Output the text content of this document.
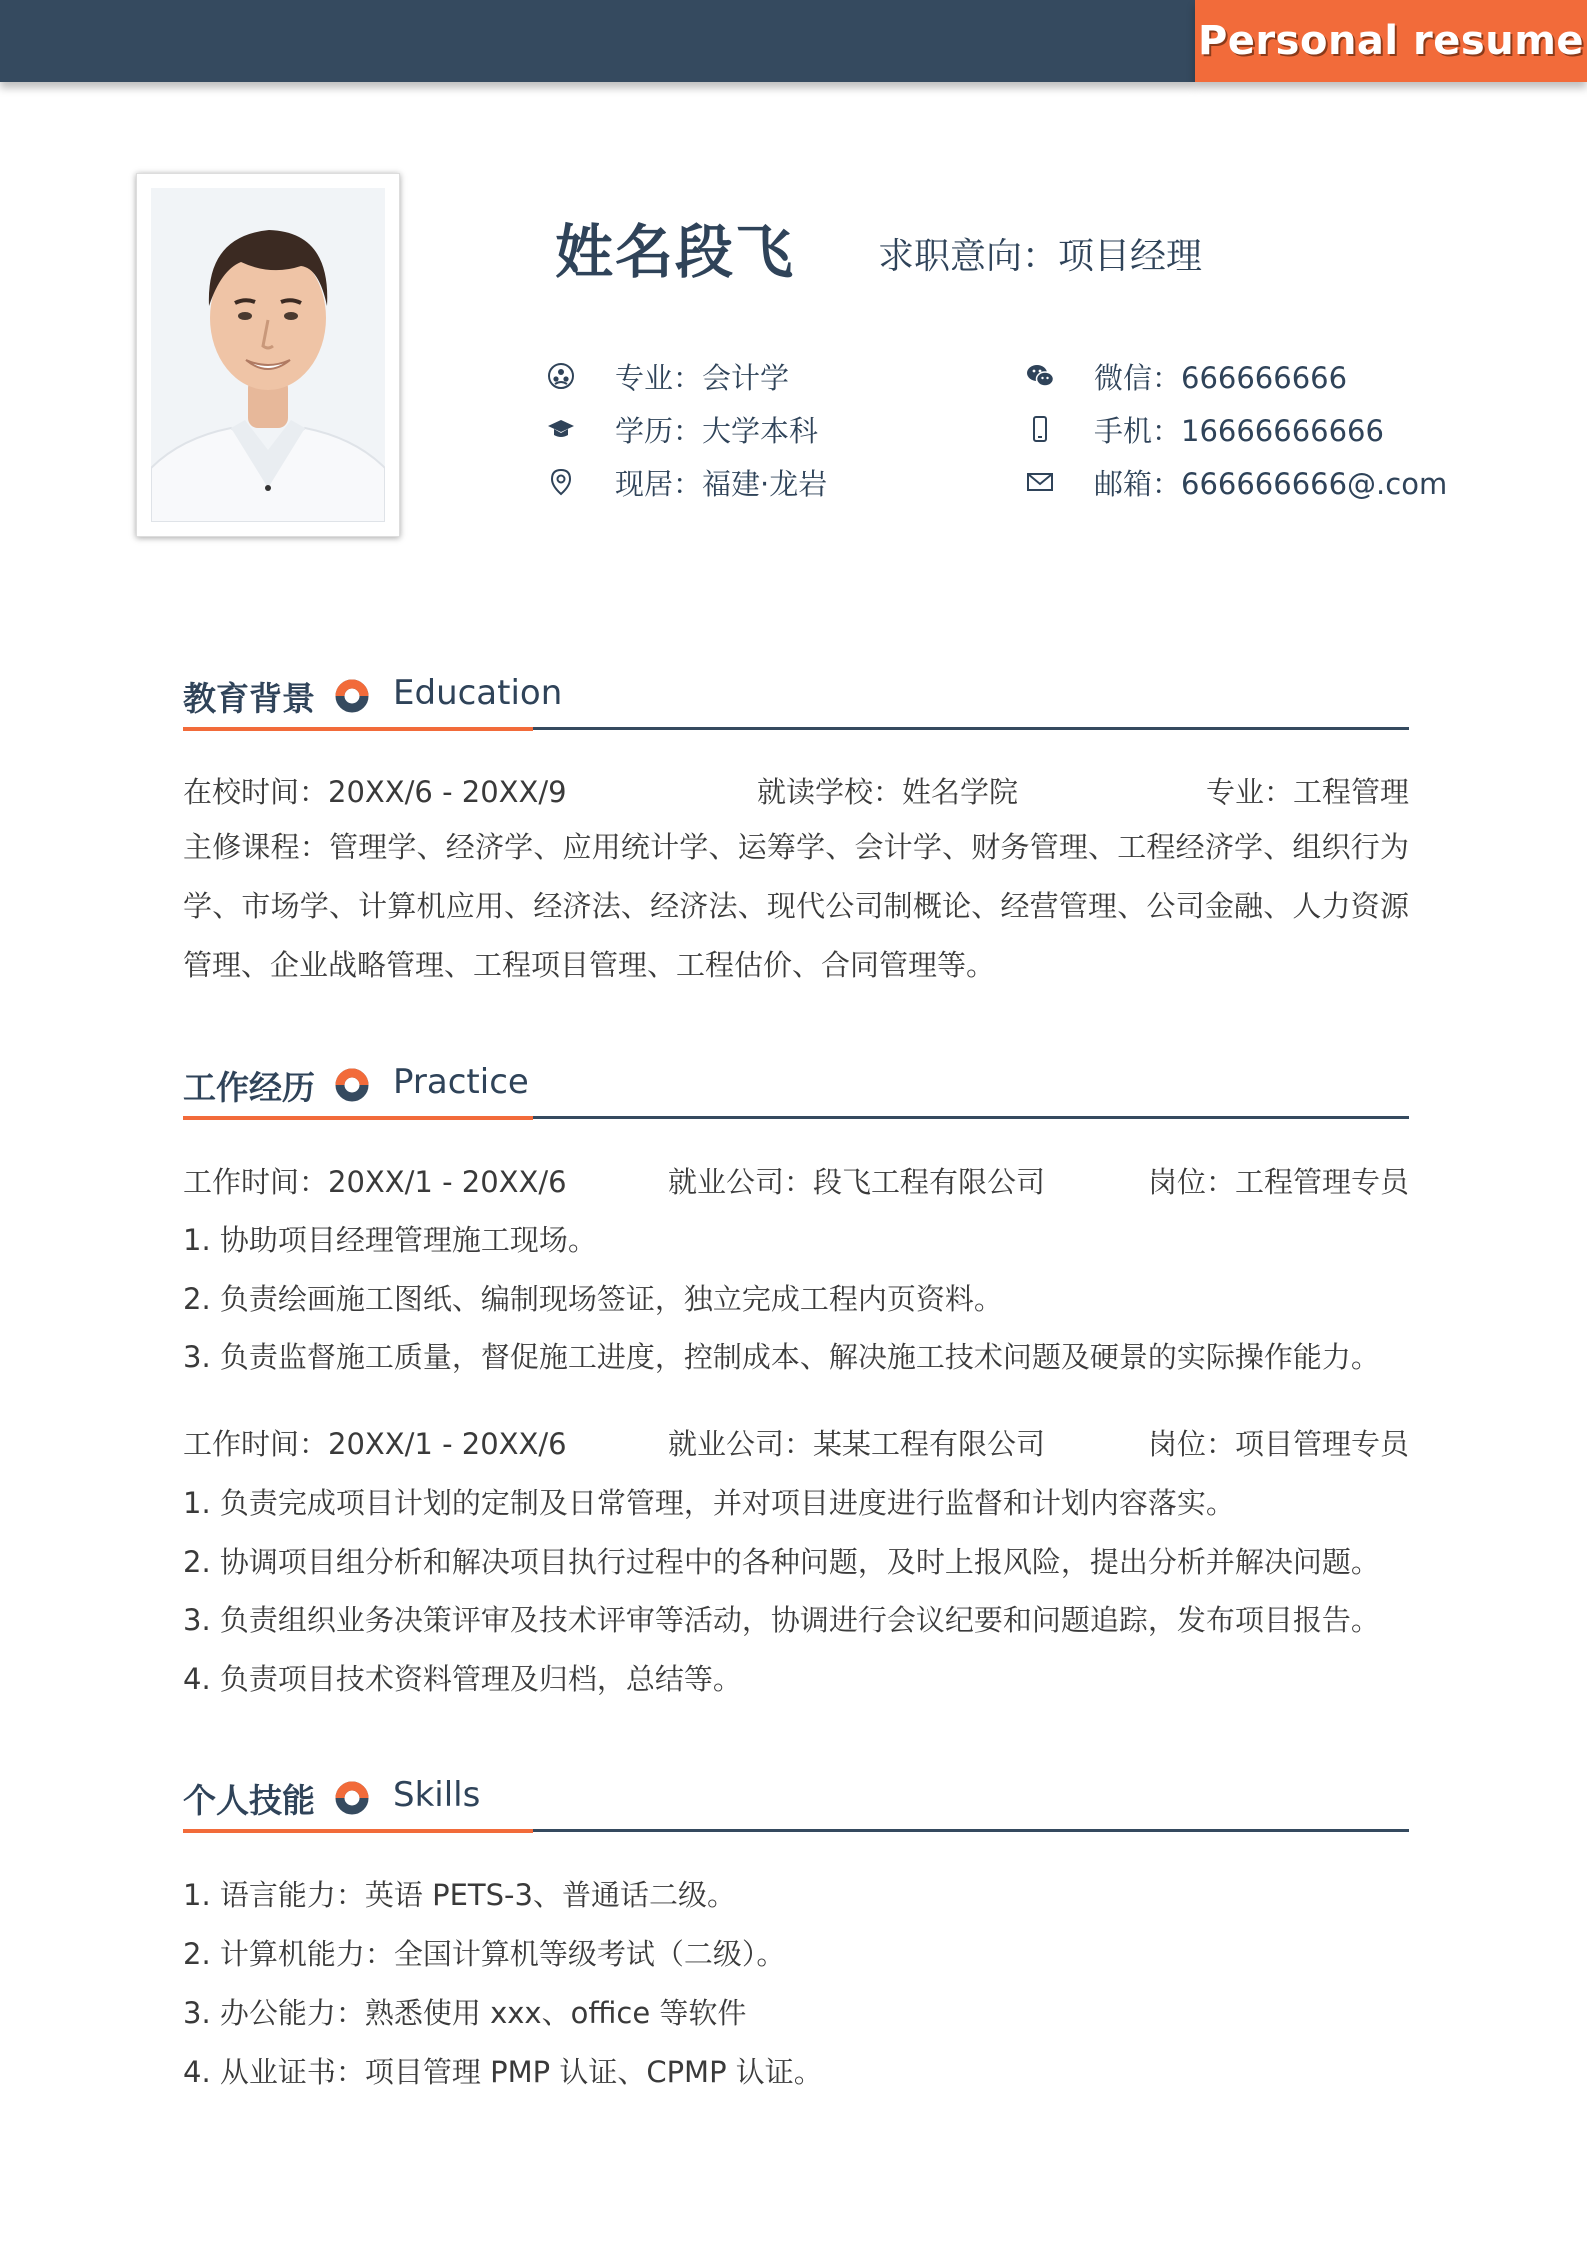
Personal resume
姓名段飞 求职意向：项目经理
专业：会计学
学历：大学本科
现居：福建·龙岩
微信：666666666
手机：16666666666
邮箱：666666666@.com
教育背景 Education
在校时间：20XX/6 - 20XX/9	就读学校：姓名学院	专业：工程管理
主修课程：管理学、经济学、应用统计学、运筹学、会计学、财务管理、工程经济学、组织行为学、市场学、计算机应用、经济法、经济法、现代公司制概论、经营管理、公司金融、人力资源管理、企业战略管理、工程项目管理、工程估价、合同管理等。
工作经历 Practice
工作时间：20XX/1 - 20XX/6	就业公司：段飞工程有限公司	岗位：工程管理专员
1. 协助项目经理管理施工现场。
2. 负责绘画施工图纸、编制现场签证，独立完成工程内页资料。
3. 负责监督施工质量，督促施工进度，控制成本、解决施工技术问题及硬景的实际操作能力。
工作时间：20XX/1 - 20XX/6	就业公司：某某工程有限公司	岗位：项目管理专员
1. 负责完成项目计划的定制及日常管理，并对项目进度进行监督和计划内容落实。
2. 协调项目组分析和解决项目执行过程中的各种问题，及时上报风险，提出分析并解决问题。
3. 负责组织业务决策评审及技术评审等活动，协调进行会议纪要和问题追踪，发布项目报告。
4. 负责项目技术资料管理及归档，总结等。
个人技能 Skills
1. 语言能力：英语 PETS-3、普通话二级。
2. 计算机能力：全国计算机等级考试（二级）。
3. 办公能力：熟悉使用 xxx、office 等软件
4. 从业证书：项目管理 PMP 认证、CPMP 认证。
